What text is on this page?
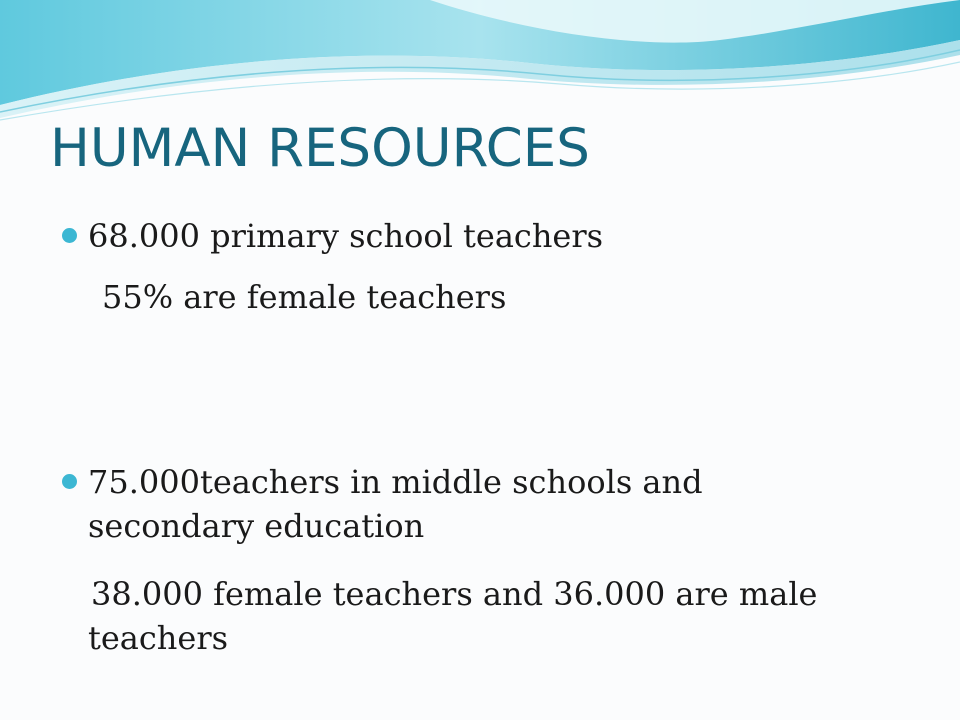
HUMAN RESOURCES
68.000 primary school teachers
55% are female teachers
75.000teachers in middle schools and secondary education
38.000 female teachers and 36.000 are male teachers
